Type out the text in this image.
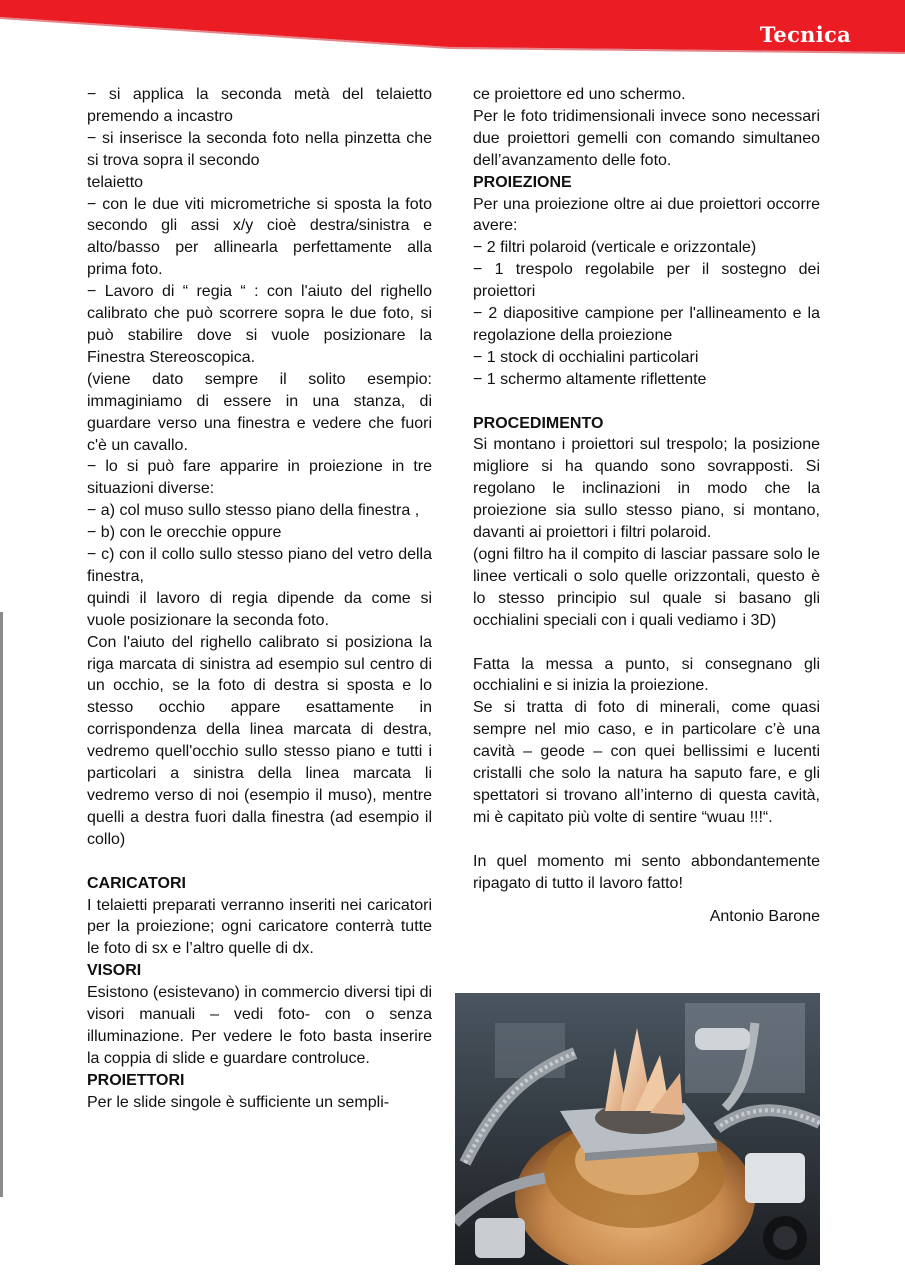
Tecnica

− si applica la seconda metà del telaietto premendo a incastro

− si inserisce la seconda foto nella pinzetta che si trova sopra il secondo

telaietto

− con le due viti micrometriche si sposta la foto secondo gli assi x/y cioè destra/sinistra e alto/basso per allinearla perfettamente alla prima foto.

− Lavoro di “ regia “ : con l'aiuto del righello calibrato che può scorrere sopra le due foto, si può stabilire dove si vuole posizionare la Finestra Stereoscopica.

(viene dato sempre il solito esempio: immaginiamo di essere in una stanza, di guardare verso una finestra e vedere che fuori c'è un cavallo.

− lo si può fare apparire in proiezione in tre situazioni diverse:

− a) col muso sullo stesso piano della finestra ,

− b) con le orecchie oppure

− c) con il collo sullo stesso piano del vetro della finestra,

quindi il lavoro di regia dipende da come si vuole posizionare la seconda foto.

Con l'aiuto del righello calibrato si posiziona la riga marcata di sinistra ad esempio sul centro di un occhio, se la foto di destra si sposta e lo stesso occhio appare esattamente in corrispondenza della linea marcata di destra, vedremo quell'occhio sullo stesso piano e tutti i particolari a sinistra della linea marcata li vedremo verso di noi (esempio il muso), mentre quelli a destra fuori dalla finestra (ad esempio il collo)

CARICATORI

I telaietti preparati verranno inseriti nei caricatori per la proiezione; ogni caricatore conterrà tutte le foto di sx e l’altro quelle di dx.

VISORI

Esistono (esistevano) in commercio diversi tipi di visori manuali – vedi foto- con o senza illuminazione. Per vedere le foto basta inserire la coppia di slide e guardare controluce.

PROIETTORI

Per le slide singole è sufficiente un sempli-

ce proiettore ed uno schermo.

Per le foto tridimensionali invece sono necessari due proiettori gemelli con comando simultaneo dell’avanzamento delle foto.

PROIEZIONE

Per una proiezione oltre ai due proiettori occorre avere:

− 2 filtri polaroid (verticale e orizzontale)

− 1 trespolo regolabile per il sostegno dei proiettori

− 2 diapositive campione per l'allineamento e la regolazione della proiezione

− 1 stock di occhialini particolari

− 1 schermo altamente riflettente

PROCEDIMENTO

Si montano i proiettori sul trespolo; la posizione migliore si ha quando sono sovrapposti. Si regolano le inclinazioni in modo che la proiezione sia sullo stesso piano, si montano, davanti ai proiettori i filtri polaroid.

(ogni filtro ha il compito di lasciar passare solo le linee verticali o solo quelle orizzontali, questo è lo stesso principio sul quale si basano gli occhialini speciali con i quali vediamo i 3D)

Fatta la messa a punto, si consegnano gli occhialini e si inizia la proiezione.

Se si tratta di foto di minerali, come quasi sempre nel mio caso, e in particolare c’è una cavità – geode – con quei bellissimi e lucenti cristalli che solo la natura ha saputo fare, e gli spettatori si trovano all’interno di questa cavità, mi è capitato più volte di sentire “wuau !!!“.

In quel momento mi sento abbondantemente ripagato di tutto il lavoro fatto!

Antonio Barone
